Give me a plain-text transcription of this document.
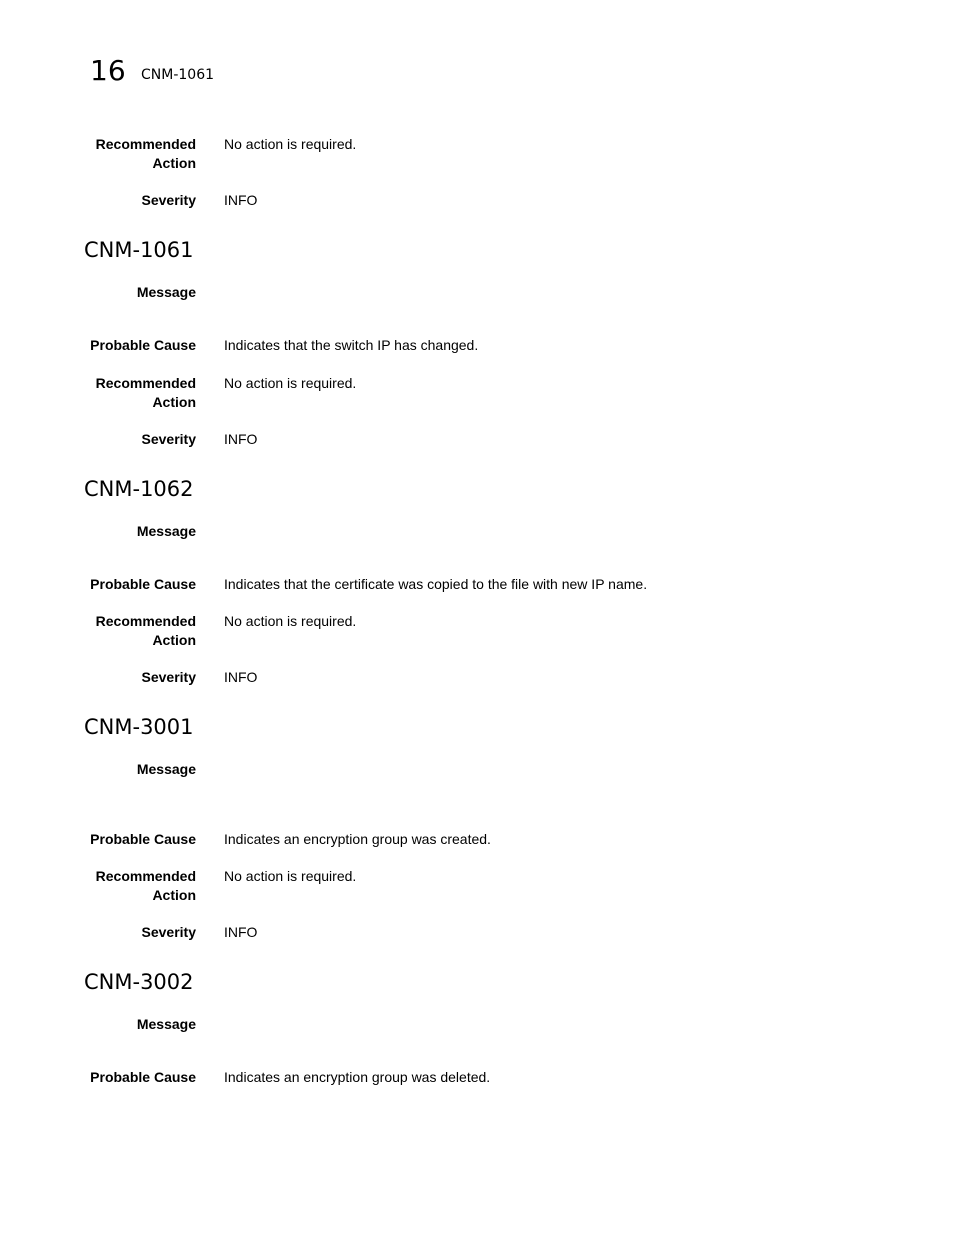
16 CNM-1061
Recommended Action
No action is required.
Severity INFO
CNM-1061
Message
Probable Cause Indicates that the switch IP has changed.
Recommended Action
No action is required.
Severity INFO
CNM-1062
Message
Probable Cause Indicates that the certificate was copied to the file with new IP name.
Recommended Action
No action is required.
Severity INFO
CNM-3001
Message
Probable Cause Indicates an encryption group was created.
Recommended Action
No action is required.
Severity INFO
CNM-3002
Message
Probable Cause Indicates an encryption group was deleted.
